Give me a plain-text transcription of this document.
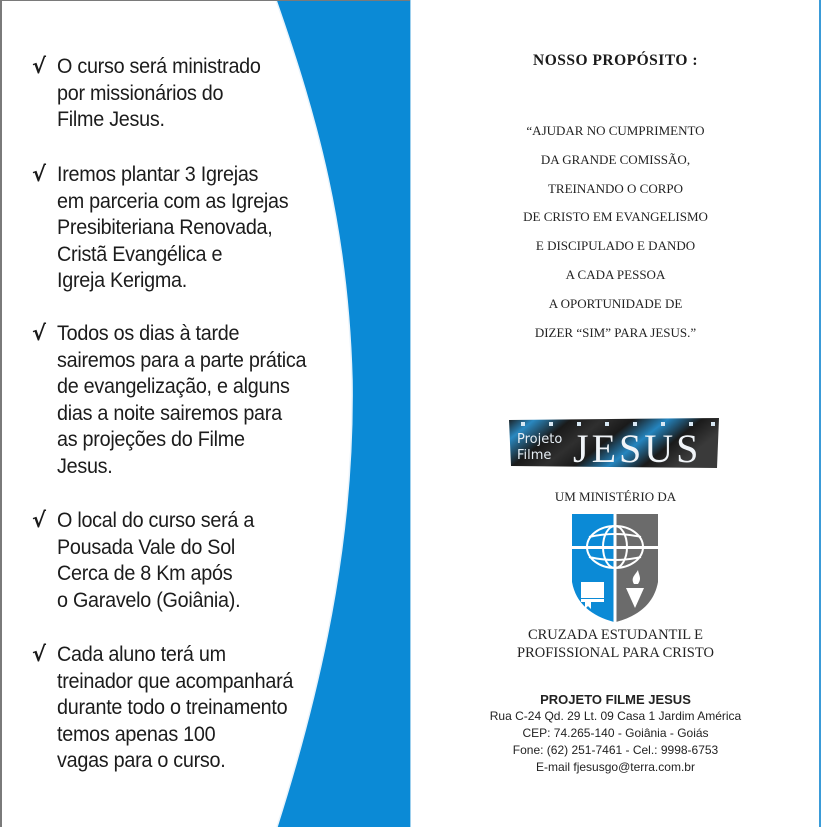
√ O curso será ministrado
por missionários do
Filme Jesus.
√ Iremos plantar 3 Igrejas
em parceria com as Igrejas
Presibiteriana Renovada,
Cristã Evangélica e
Igreja Kerigma.
√ Todos os dias à tarde
sairemos para a parte prática
de evangelização, e alguns
dias a noite sairemos para
as projeções do Filme
Jesus.
√ O local do curso será a
Pousada Vale do Sol
Cerca de 8 Km após
o Garavelo (Goiânia).
√ Cada aluno terá um
treinador que acompanhará
durante todo o treinamento
temos apenas 100
vagas para o curso.
NOSSO PROPÓSITO :
“AJUDAR NO CUMPRIMENTO
DA GRANDE COMISSÃO,
TREINANDO O CORPO
DE CRISTO EM EVANGELISMO
E DISCIPULADO E DANDO
A CADA PESSOA
A OPORTUNIDADE DE
DIZER “SIM” PARA JESUS.”
Projeto
Filme JESUS
UM MINISTÉRIO DA
CRUZADA ESTUDANTIL E
PROFISSIONAL PARA CRISTO
PROJETO FILME JESUS
Rua C-24 Qd. 29 Lt. 09 Casa 1 Jardim América
CEP: 74.265-140 - Goiânia - Goiás
Fone: (62) 251-7461 - Cel.: 9998-6753
E-mail fjesusgo@terra.com.br
